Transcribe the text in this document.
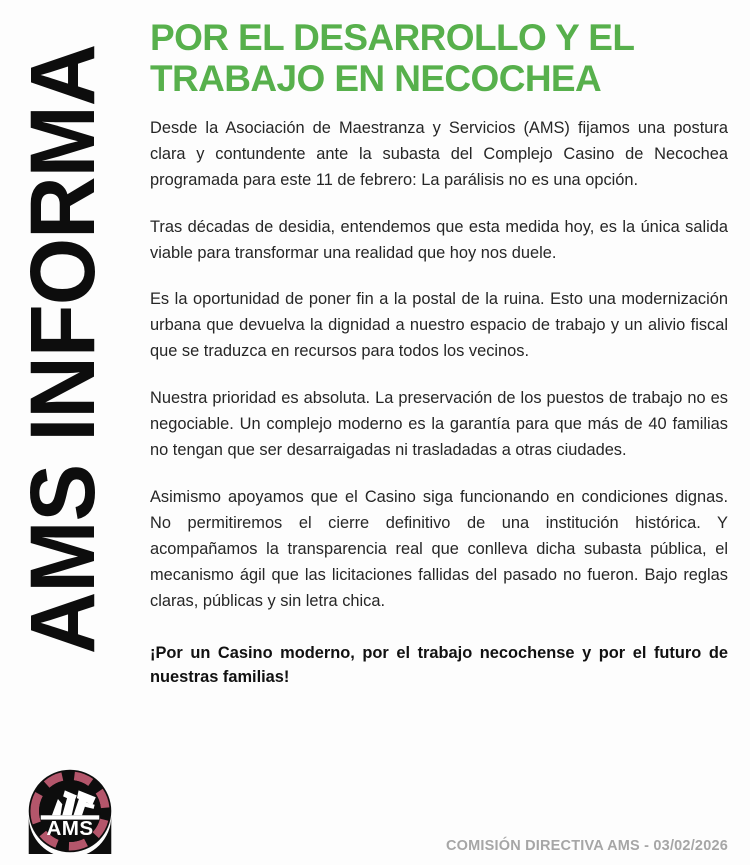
AMS INFORMA
AMS
POR EL DESARROLLO Y EL
TRABAJO EN NECOCHEA

Desde la Asociación de Maestranza y Servicios (AMS) fijamos una postura clara y contundente ante la subasta del Complejo Casino de Necochea programada para este 11 de febrero: La parálisis no es una opción.

Tras décadas de desidia, entendemos que esta medida hoy, es la única salida viable para transformar una realidad que hoy nos duele.

Es la oportunidad de poner fin a la postal de la ruina. Esto una modernización urbana que devuelva la dignidad a nuestro espacio de trabajo y un alivio fiscal que se traduzca en recursos para todos los vecinos.

Nuestra prioridad es absoluta. La preservación de los puestos de trabajo no es negociable. Un complejo moderno es la garantía para que más de 40 familias no tengan que ser desarraigadas ni trasladadas a otras ciudades.

Asimismo apoyamos que el Casino siga funcionando en condiciones dignas. No permitiremos el cierre definitivo de una institución histórica. Y acompañamos la transparencia real que conlleva dicha subasta pública, el mecanismo ágil que las licitaciones fallidas del pasado no fueron. Bajo reglas claras, públicas y sin letra chica.

¡Por un Casino moderno, por el trabajo necochense y por el futuro de nuestras familias!

COMISIÓN DIRECTIVA AMS - 03/02/2026
